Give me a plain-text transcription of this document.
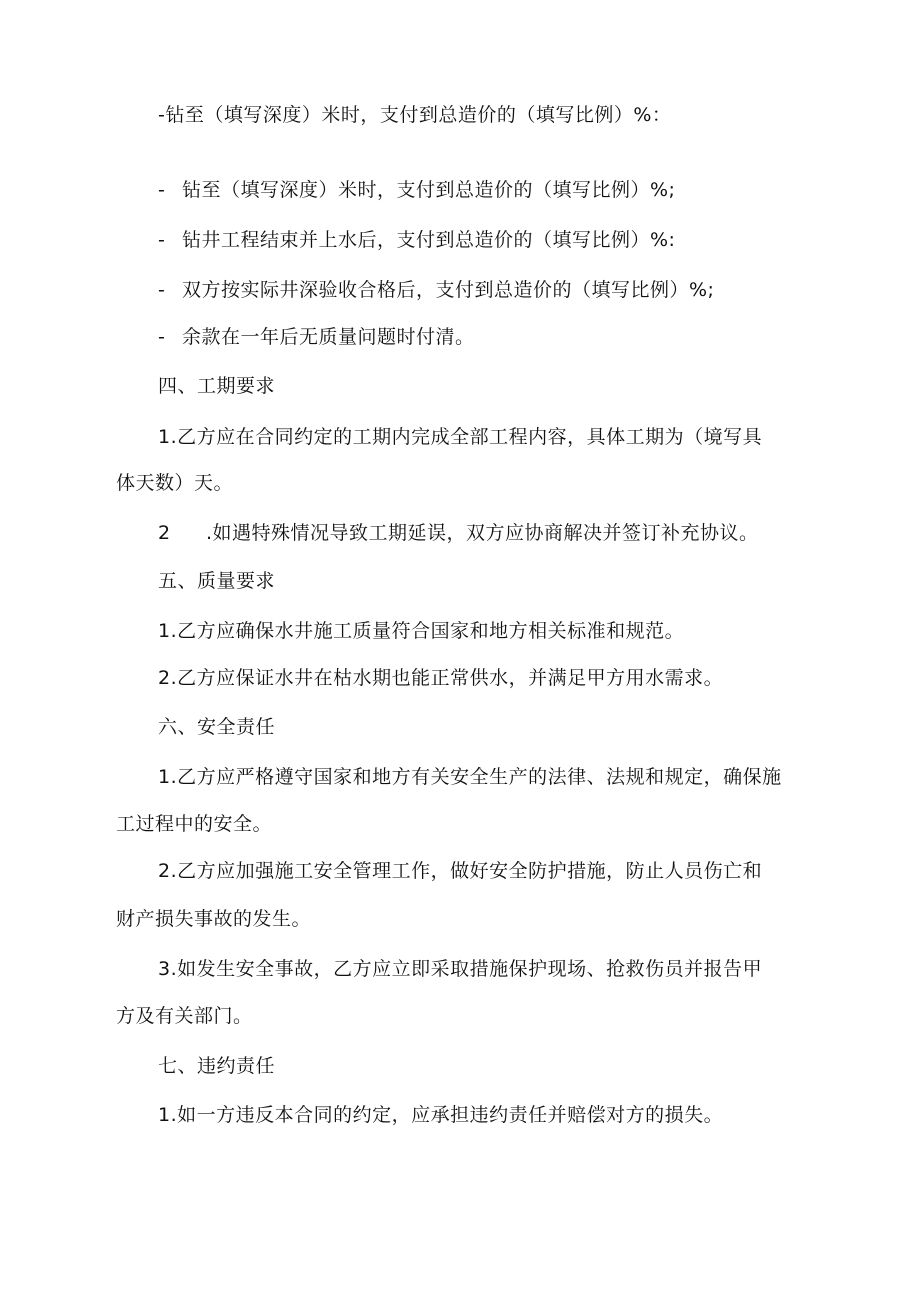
-钻至（填写深度）米时，支付到总造价的（填写比例）%：
- 钻至（填写深度）米时，支付到总造价的（填写比例）%;
- 钻井工程结束并上水后，支付到总造价的（填写比例）%:
- 双方按实际井深验收合格后，支付到总造价的（填写比例）%;
- 余款在一年后无质量问题时付清。
四、工期要求
1.乙方应在合同约定的工期内完成全部工程内容，具体工期为（境写具
体天数）天。
2 .如遇特殊情况导致工期延误，双方应协商解决并签订补充协议。
五、质量要求
1.乙方应确保水井施工质量符合国家和地方相关标准和规范。
2.乙方应保证水井在枯水期也能正常供水，并满足甲方用水需求。
六、安全责任
1.乙方应严格遵守国家和地方有关安全生产的法律、法规和规定，确保施
工过程中的安全。
2.乙方应加强施工安全管理工作，做好安全防护措施，防止人员伤亡和
财产损失事故的发生。
3.如发生安全事故，乙方应立即采取措施保护现场、抢救伤员并报告甲
方及有关部门。
七、违约责任
1.如一方违反本合同的约定，应承担违约责任并赔偿对方的损失。
